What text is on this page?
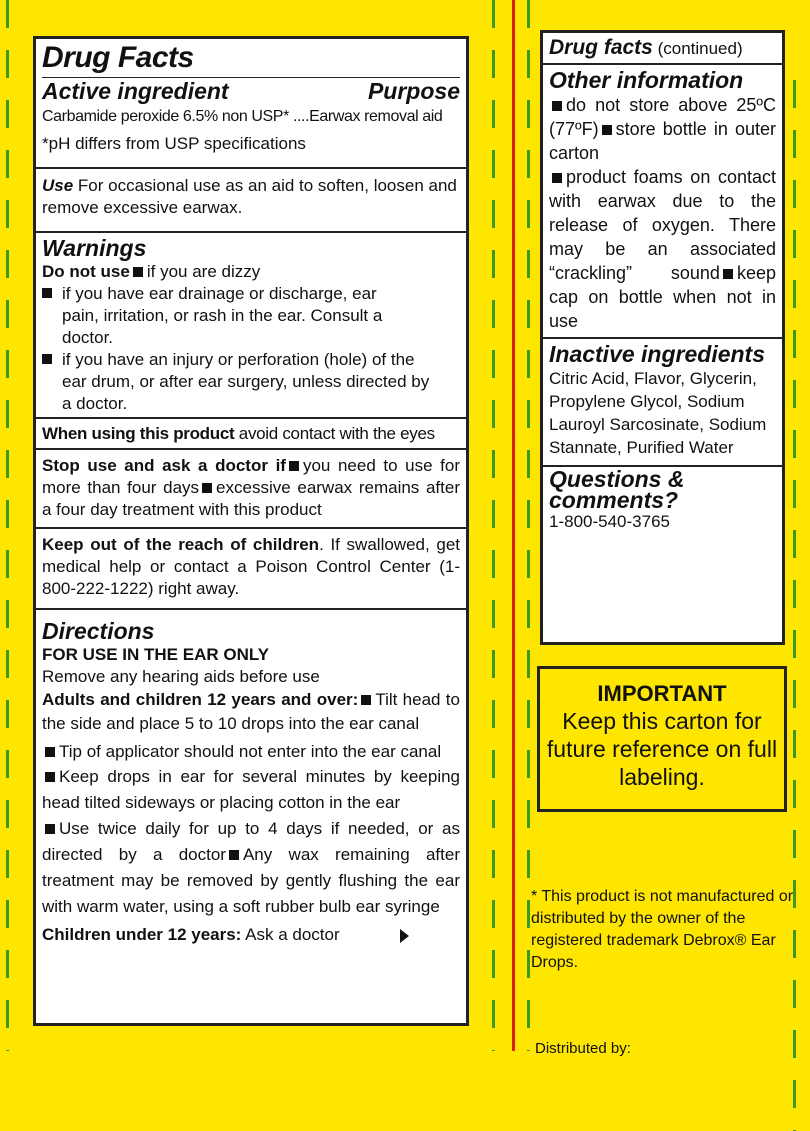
Drug Facts
Active ingredient	Purpose
Carbamide peroxide 6.5% non USP* ....Earwax removal aid
*pH differs from USP specifications
Use For occasional use as an aid to soften, loosen and remove excessive earwax.
Warnings
Do not use if you are dizzy
if you have ear drainage or discharge, ear pain, irritation, or rash in the ear. Consult a doctor.
if you have an injury or perforation (hole) of the ear drum, or after ear surgery, unless directed by a doctor.
When using this product avoid contact with the eyes
Stop use and ask a doctor if you need to use for more than four days excessive earwax remains after a four day treatment with this product
Keep out of the reach of children. If swallowed, get medical help or contact a Poison Control Center (1-800-222-1222) right away.
Directions
FOR USE IN THE EAR ONLY
Remove any hearing aids before use
Adults and children 12 years and over: Tilt head to the side and place 5 to 10 drops into the ear canal
Tip of applicator should not enter into the ear canal
Keep drops in ear for several minutes by keeping head tilted sideways or placing cotton in the ear
Use twice daily for up to 4 days if needed, or as directed by a doctor Any wax remaining after treatment may be removed by gently flushing the ear with warm water, using a soft rubber bulb ear syringe
Children under 12 years: Ask a doctor
Drug facts (continued)
Other information
do not store above 25ºC (77ºF) store bottle in outer carton
product foams on contact with earwax due to the release of oxygen. There may be an associated “crackling” sound keep cap on bottle when not in use
Inactive ingredients
Citric Acid, Flavor, Glycerin, Propylene Glycol, Sodium Lauroyl Sarcosinate, Sodium Stannate, Purified Water
Questions & comments?
1-800-540-3765
IMPORTANT
Keep this carton for future reference on full labeling.
* This product is not manufactured or distributed by the owner of the registered trademark Debrox® Ear Drops.
Distributed by:
